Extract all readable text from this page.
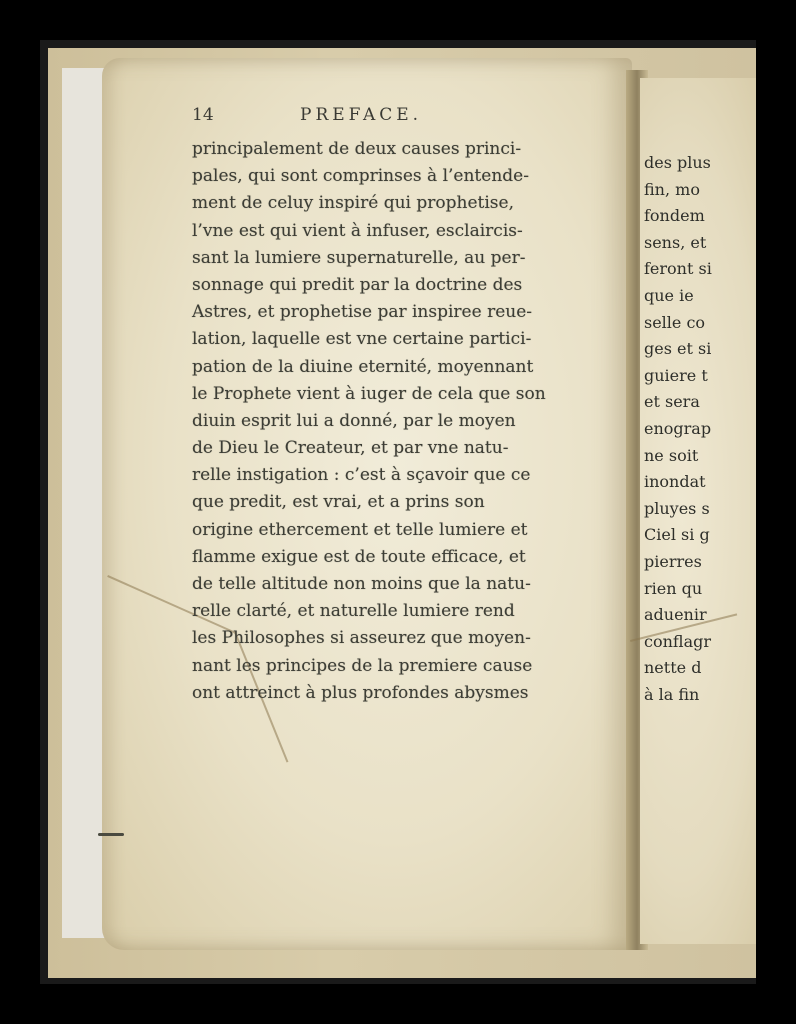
14	PREFACE.
principalement de deux causes princi-
pales, qui sont comprinses à l’entende-
ment de celuy inspiré qui prophetise,
l’vne est qui vient à infuser, esclaircis-
sant la lumiere supernaturelle, au per-
sonnage qui predit par la doctrine des
Astres, et prophetise par inspiree reue-
lation, laquelle est vne certaine partici-
pation de la diuine eternité, moyennant
le Prophete vient à iuger de cela que son
diuin esprit lui a donné, par le moyen
de Dieu le Createur, et par vne natu-
relle instigation : c’est à sçavoir que ce
que predit, est vrai, et a prins son
origine ethercement et telle lumiere et
flamme exigue est de toute efficace, et
de telle altitude non moins que la natu-
relle clarté, et naturelle lumiere rend
les Philosophes si asseurez que moyen-
nant les principes de la premiere cause
ont attreinct à plus profondes abysmes
des plus
fin, mo
fondem
sens, et
feront si
que ie
selle co
ges et si
guiere t
et sera
enograp
ne soit
inondat
pluyes s
Ciel si g
pierres
rien qu
aduenir
conflagr
nette d
à la fin
